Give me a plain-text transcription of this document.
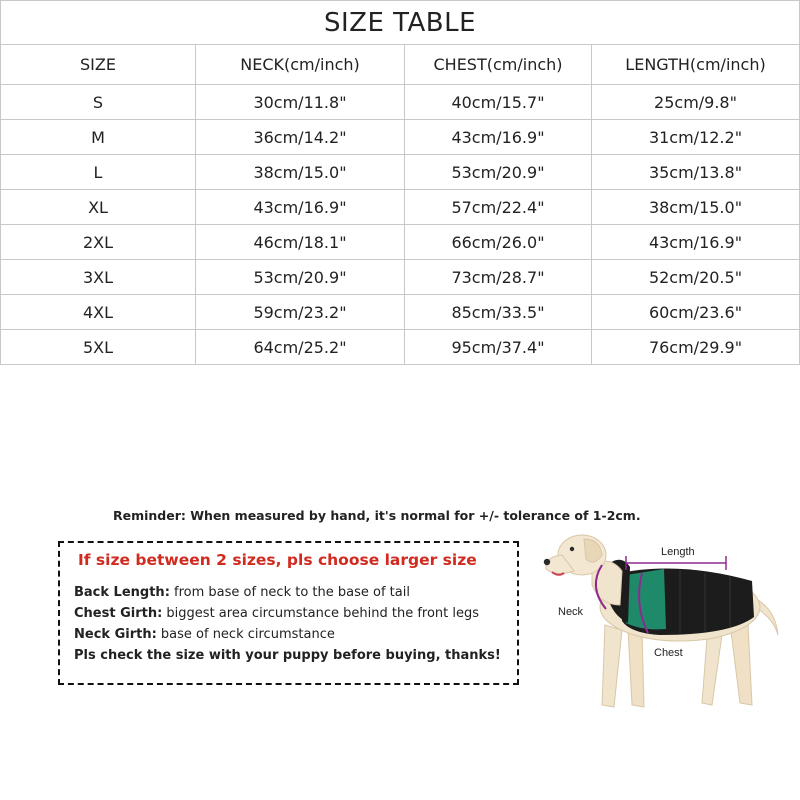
SIZE TABLE			
SIZE	NECK(cm/inch)	CHEST(cm/inch)	LENGTH(cm/inch)
S	30cm/11.8"	40cm/15.7"	25cm/9.8"
M	36cm/14.2"	43cm/16.9"	31cm/12.2"
L	38cm/15.0"	53cm/20.9"	35cm/13.8"
XL	43cm/16.9"	57cm/22.4"	38cm/15.0"
2XL	46cm/18.1"	66cm/26.0"	43cm/16.9"
3XL	53cm/20.9"	73cm/28.7"	52cm/20.5"
4XL	59cm/23.2"	85cm/33.5"	60cm/23.6"
5XL	64cm/25.2"	95cm/37.4"	76cm/29.9"
Reminder: When measured by hand, it's normal for +/- tolerance of 1-2cm.
If size between 2 sizes, pls choose larger size
Back Length: from base of neck to the base of tail
Chest Girth: biggest area circumstance behind the front legs
Neck Girth: base of neck circumstance
Pls check the size with your puppy before buying, thanks!
Length
Neck
Chest
